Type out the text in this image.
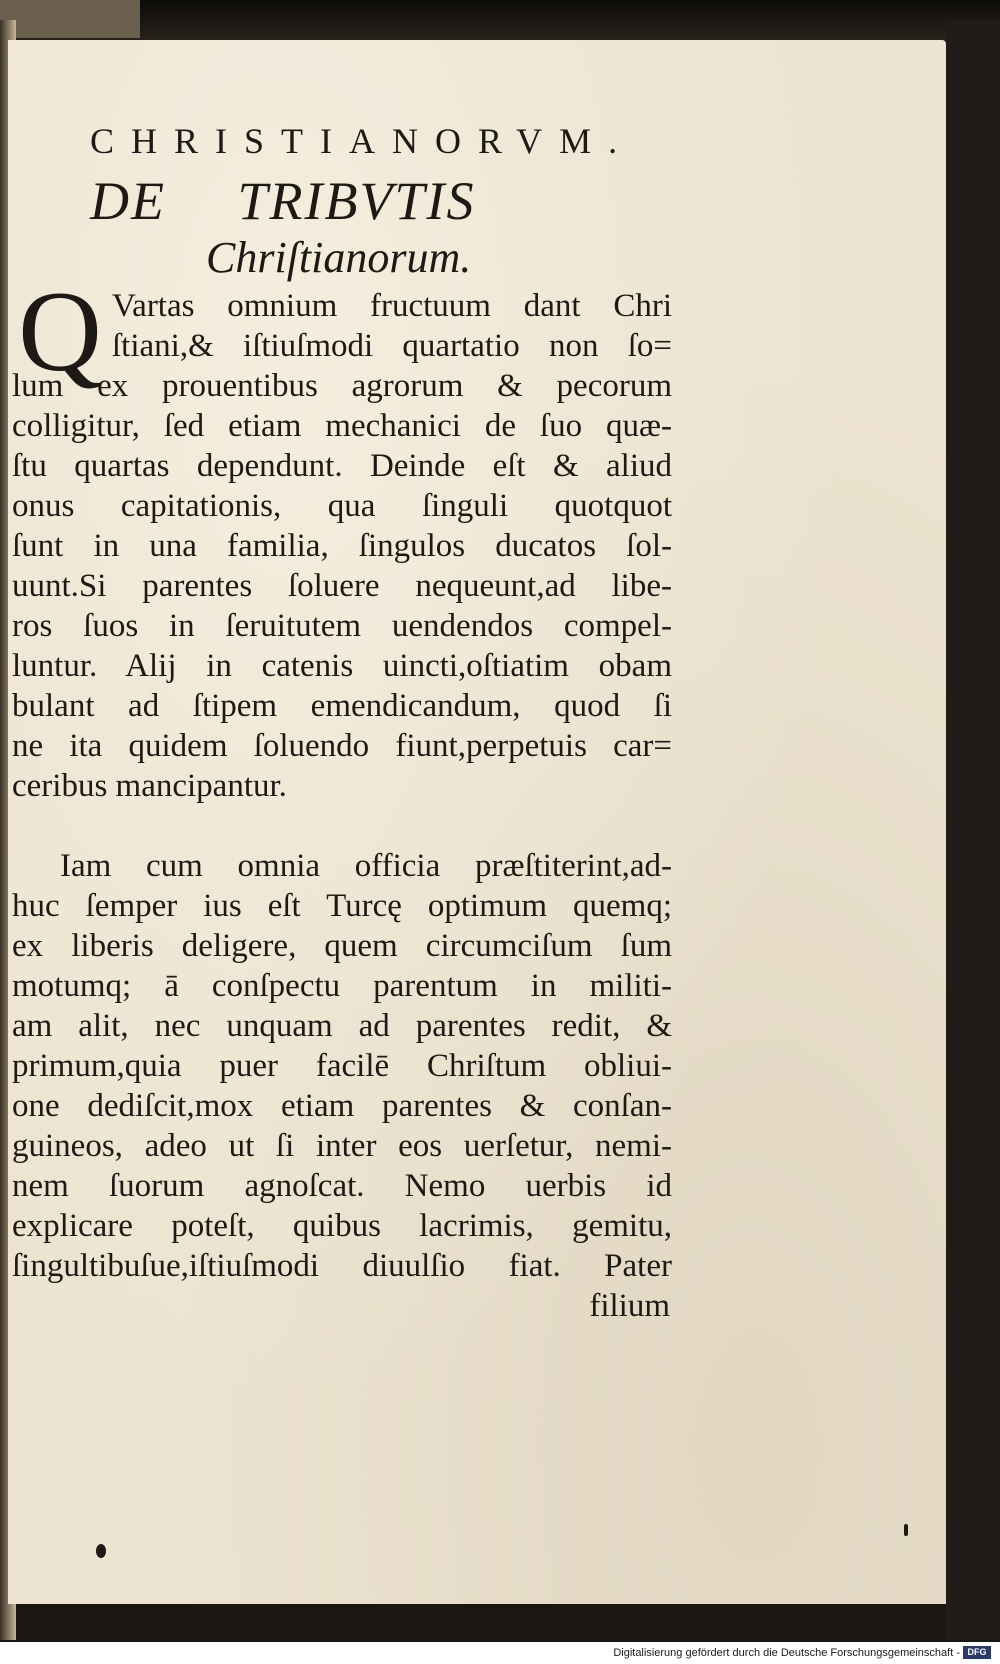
CHRISTIANORVM.
DE TRIBVTIS
Chriſtianorum.
Q Vartas omnium fructuum dant Chri
ſtiani,& iſtiuſmodi quartatio non ſo=
lum ex prouentibus agrorum & pecorum
colligitur, ſed etiam mechanici de ſuo quæ-
ſtu quartas dependunt. Deinde eſt & aliud
onus capitationis, qua ſinguli quotquot
ſunt in una familia, ſingulos ducatos ſol-
uunt.Si parentes ſoluere nequeunt,ad libe-
ros ſuos in ſeruitutem uendendos compel-
luntur. Alij in catenis uincti,oſtiatim obam
bulant ad ſtipem emendicandum, quod ſi
ne ita quidem ſoluendo fiunt,perpetuis car=
ceribus mancipantur.
Iam cum omnia officia præſtiterint,ad-
huc ſemper ius eſt Turcę optimum quemq;
ex liberis deligere, quem circumciſum ſum
motumq; ā conſpectu parentum in militi-
am alit, nec unquam ad parentes redit, &
primum,quia puer facilē Chriſtum obliui-
one dediſcit,mox etiam parentes & conſan-
guineos, adeo ut ſi inter eos uerſetur, nemi-
nem ſuorum agnoſcat. Nemo uerbis id
explicare poteſt, quibus lacrimis, gemitu,
ſingultibuſue,iſtiuſmodi diuulſio fiat. Pater
filium
Digitalisierung gefördert durch die Deutsche Forschungsgemeinschaft - DFG
